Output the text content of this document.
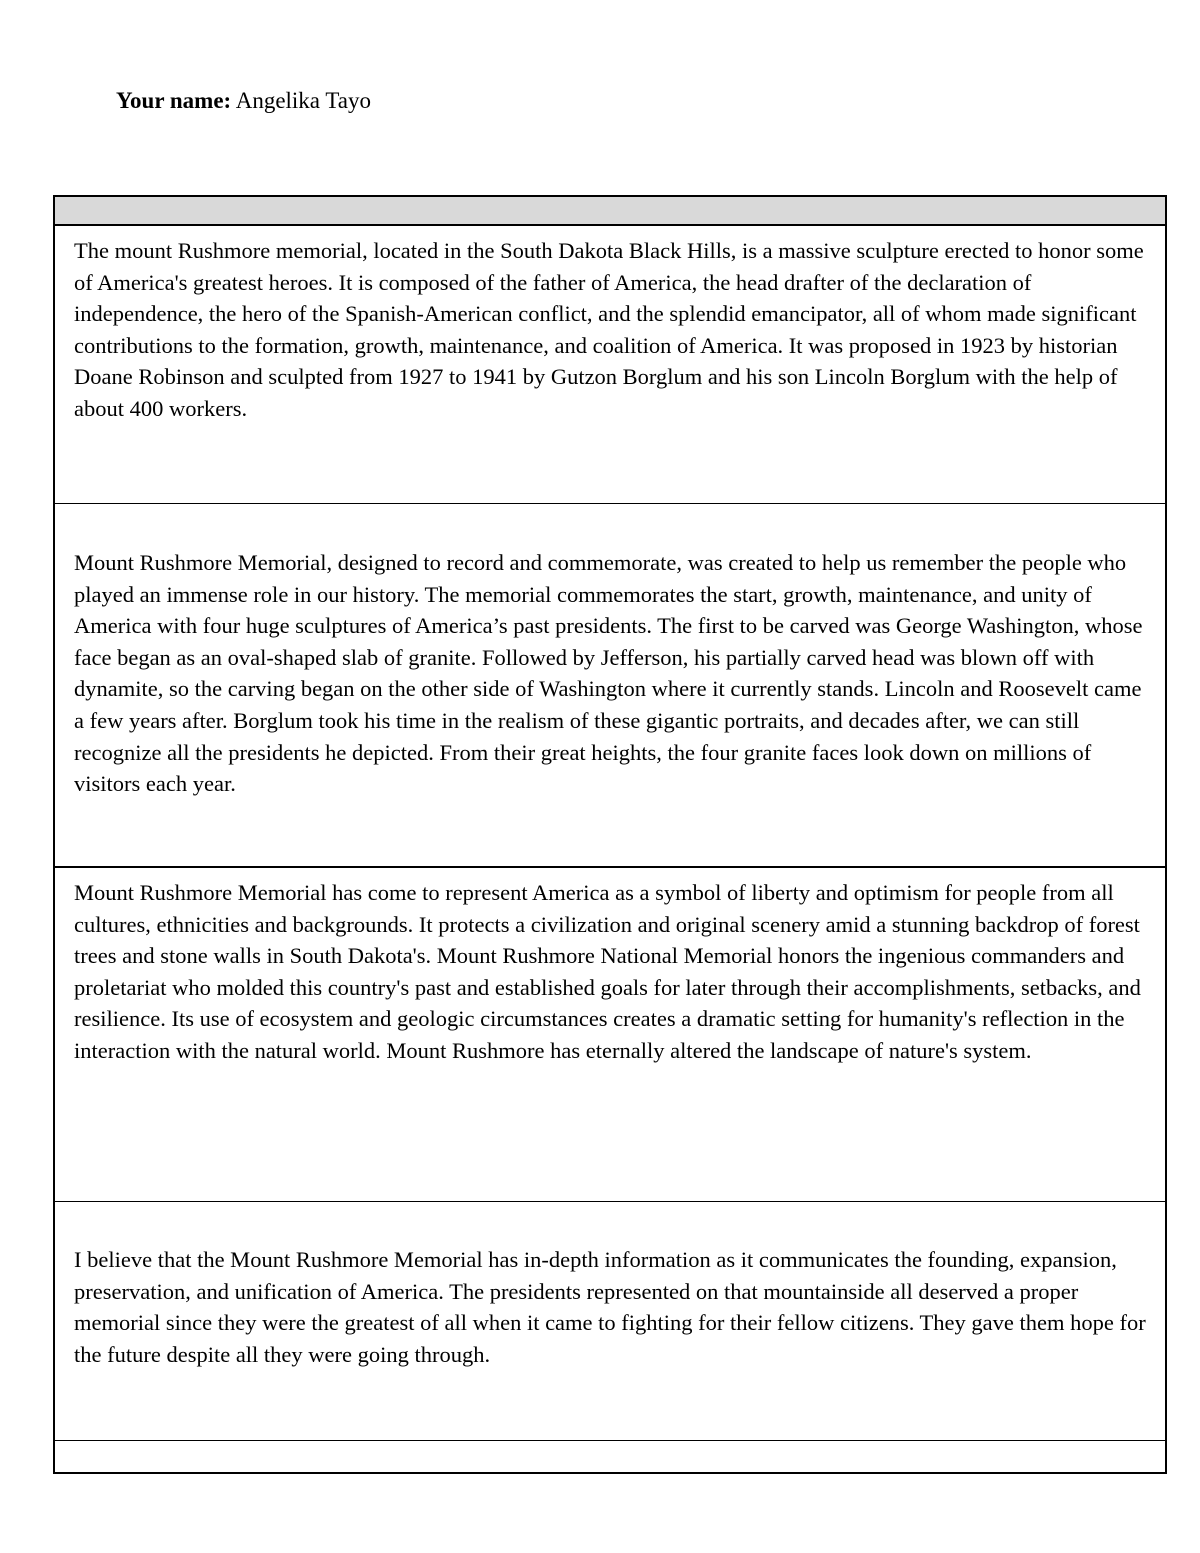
Your name: Angelika Tayo

The mount Rushmore memorial, located in the South Dakota Black Hills, is a massive sculpture erected to honor some of America's greatest heroes. It is composed of the father of America, the head drafter of the declaration of independence, the hero of the Spanish-American conflict, and the splendid emancipator, all of whom made significant contributions to the formation, growth, maintenance, and coalition of America. It was proposed in 1923 by historian Doane Robinson and sculpted from 1927 to 1941 by Gutzon Borglum and his son Lincoln Borglum with the help of about 400 workers.

Mount Rushmore Memorial, designed to record and commemorate, was created to help us remember the people who played an immense role in our history. The memorial commemorates the start, growth, maintenance, and unity of America with four huge sculptures of America’s past presidents. The first to be carved was George Washington, whose face began as an oval-shaped slab of granite. Followed by Jefferson, his partially carved head was blown off with dynamite, so the carving began on the other side of Washington where it currently stands. Lincoln and Roosevelt came a few years after. Borglum took his time in the realism of these gigantic portraits, and decades after, we can still recognize all the presidents he depicted. From their great heights, the four granite faces look down on millions of visitors each year.

Mount Rushmore Memorial has come to represent America as a symbol of liberty and optimism for people from all cultures, ethnicities and backgrounds. It protects a civilization and original scenery amid a stunning backdrop of forest trees and stone walls in South Dakota's. Mount Rushmore National Memorial honors the ingenious commanders and proletariat who molded this country's past and established goals for later through their accomplishments, setbacks, and resilience. Its use of ecosystem and geologic circumstances creates a dramatic setting for humanity's reflection in the interaction with the natural world. Mount Rushmore has eternally altered the landscape of nature's system.

I believe that the Mount Rushmore Memorial has in-depth information as it communicates the founding, expansion, preservation, and unification of America. The presidents represented on that mountainside all deserved a proper memorial since they were the greatest of all when it came to fighting for their fellow citizens. They gave them hope for the future despite all they were going through.
